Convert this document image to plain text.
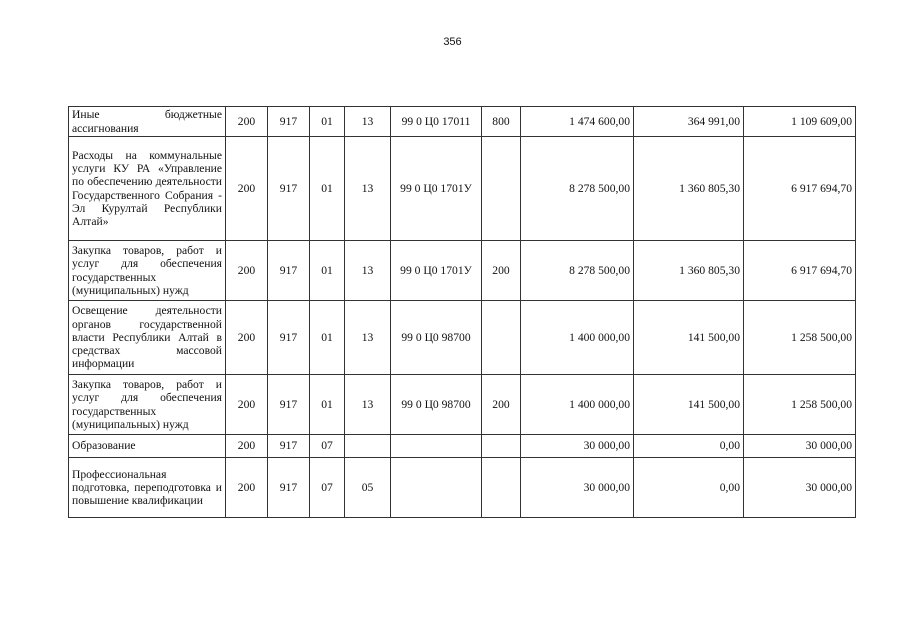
356
Иные бюджетные ассигнования	200	917	01	13	99 0 Ц0 17011	800	1 474 600,00	364 991,00	1 109 609,00
Расходы на коммунальные услуги КУ РА «Управление по обеспечению деятельности Государственного Собрания - Эл Курултай Республики Алтай»	200	917	01	13	99 0 Ц0 1701У		8 278 500,00	1 360 805,30	6 917 694,70
Закупка товаров, работ и услуг для обеспечения государственных (муниципальных) нужд	200	917	01	13	99 0 Ц0 1701У	200	8 278 500,00	1 360 805,30	6 917 694,70
Освещение деятельности органов государственной власти Республики Алтай в средствах массовой информации	200	917	01	13	99 0 Ц0 98700		1 400 000,00	141 500,00	1 258 500,00
Закупка товаров, работ и услуг для обеспечения государственных (муниципальных) нужд	200	917	01	13	99 0 Ц0 98700	200	1 400 000,00	141 500,00	1 258 500,00
Образование	200	917	07				30 000,00	0,00	30 000,00
Профессиональная подготовка, переподготовка и повышение квалификации	200	917	07	05			30 000,00	0,00	30 000,00
